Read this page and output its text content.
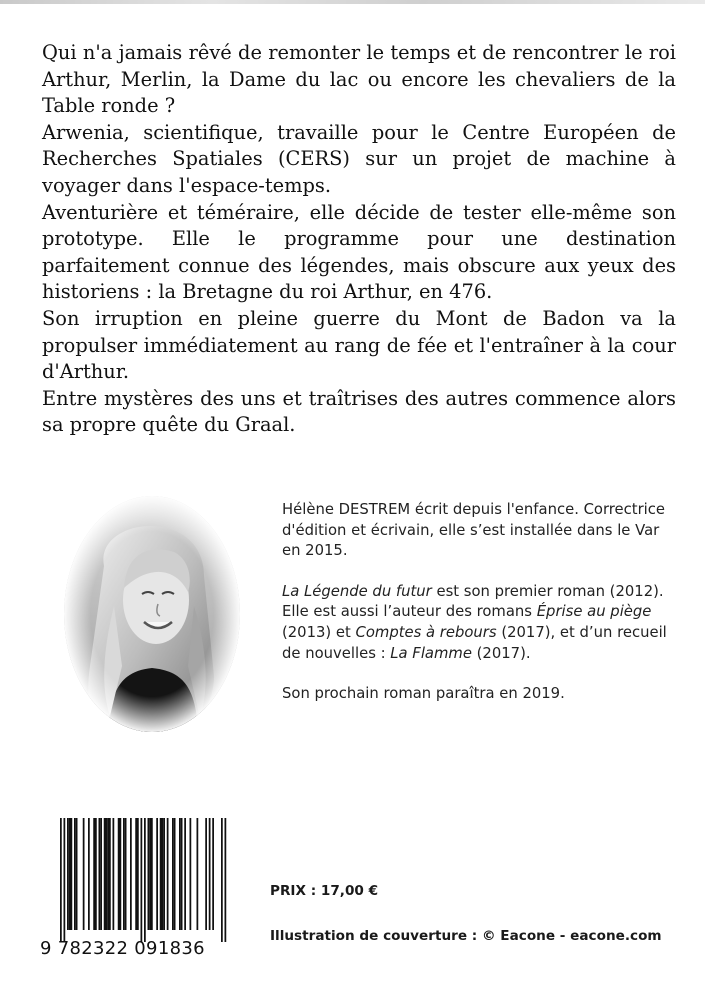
Qui n'a jamais rêvé de remonter le temps et de rencontrer le roi Arthur, Merlin, la Dame du lac ou encore les chevaliers de la Table ronde ?

Arwenia, scientifique, travaille pour le Centre Européen de Recherches Spatiales (CERS) sur un projet de machine à voyager dans l'espace-temps.

Aventurière et téméraire, elle décide de tester elle-même son prototype. Elle le programme pour une destination parfaitement connue des légendes, mais obscure aux yeux des historiens : la Bretagne du roi Arthur, en 476.

Son irruption en pleine guerre du Mont de Badon va la propulser immédiatement au rang de fée et l'entraîner à la cour d'Arthur.

Entre mystères des uns et traîtrises des autres commence alors sa propre quête du Graal.

Hélène DESTREM écrit depuis l'enfance. Correctrice d'édition et écrivain, elle s’est installée dans le Var en 2015.

La Légende du futur est son premier roman (2012).

Elle est aussi l’auteur des romans Éprise au piège (2013) et Comptes à rebours (2017), et d’un recueil de nouvelles : La Flamme (2017).

Son prochain roman paraîtra en 2019.

9 782322 091836
PRIX : 17,00 €
Illustration de couverture : © Eacone - eacone.com
